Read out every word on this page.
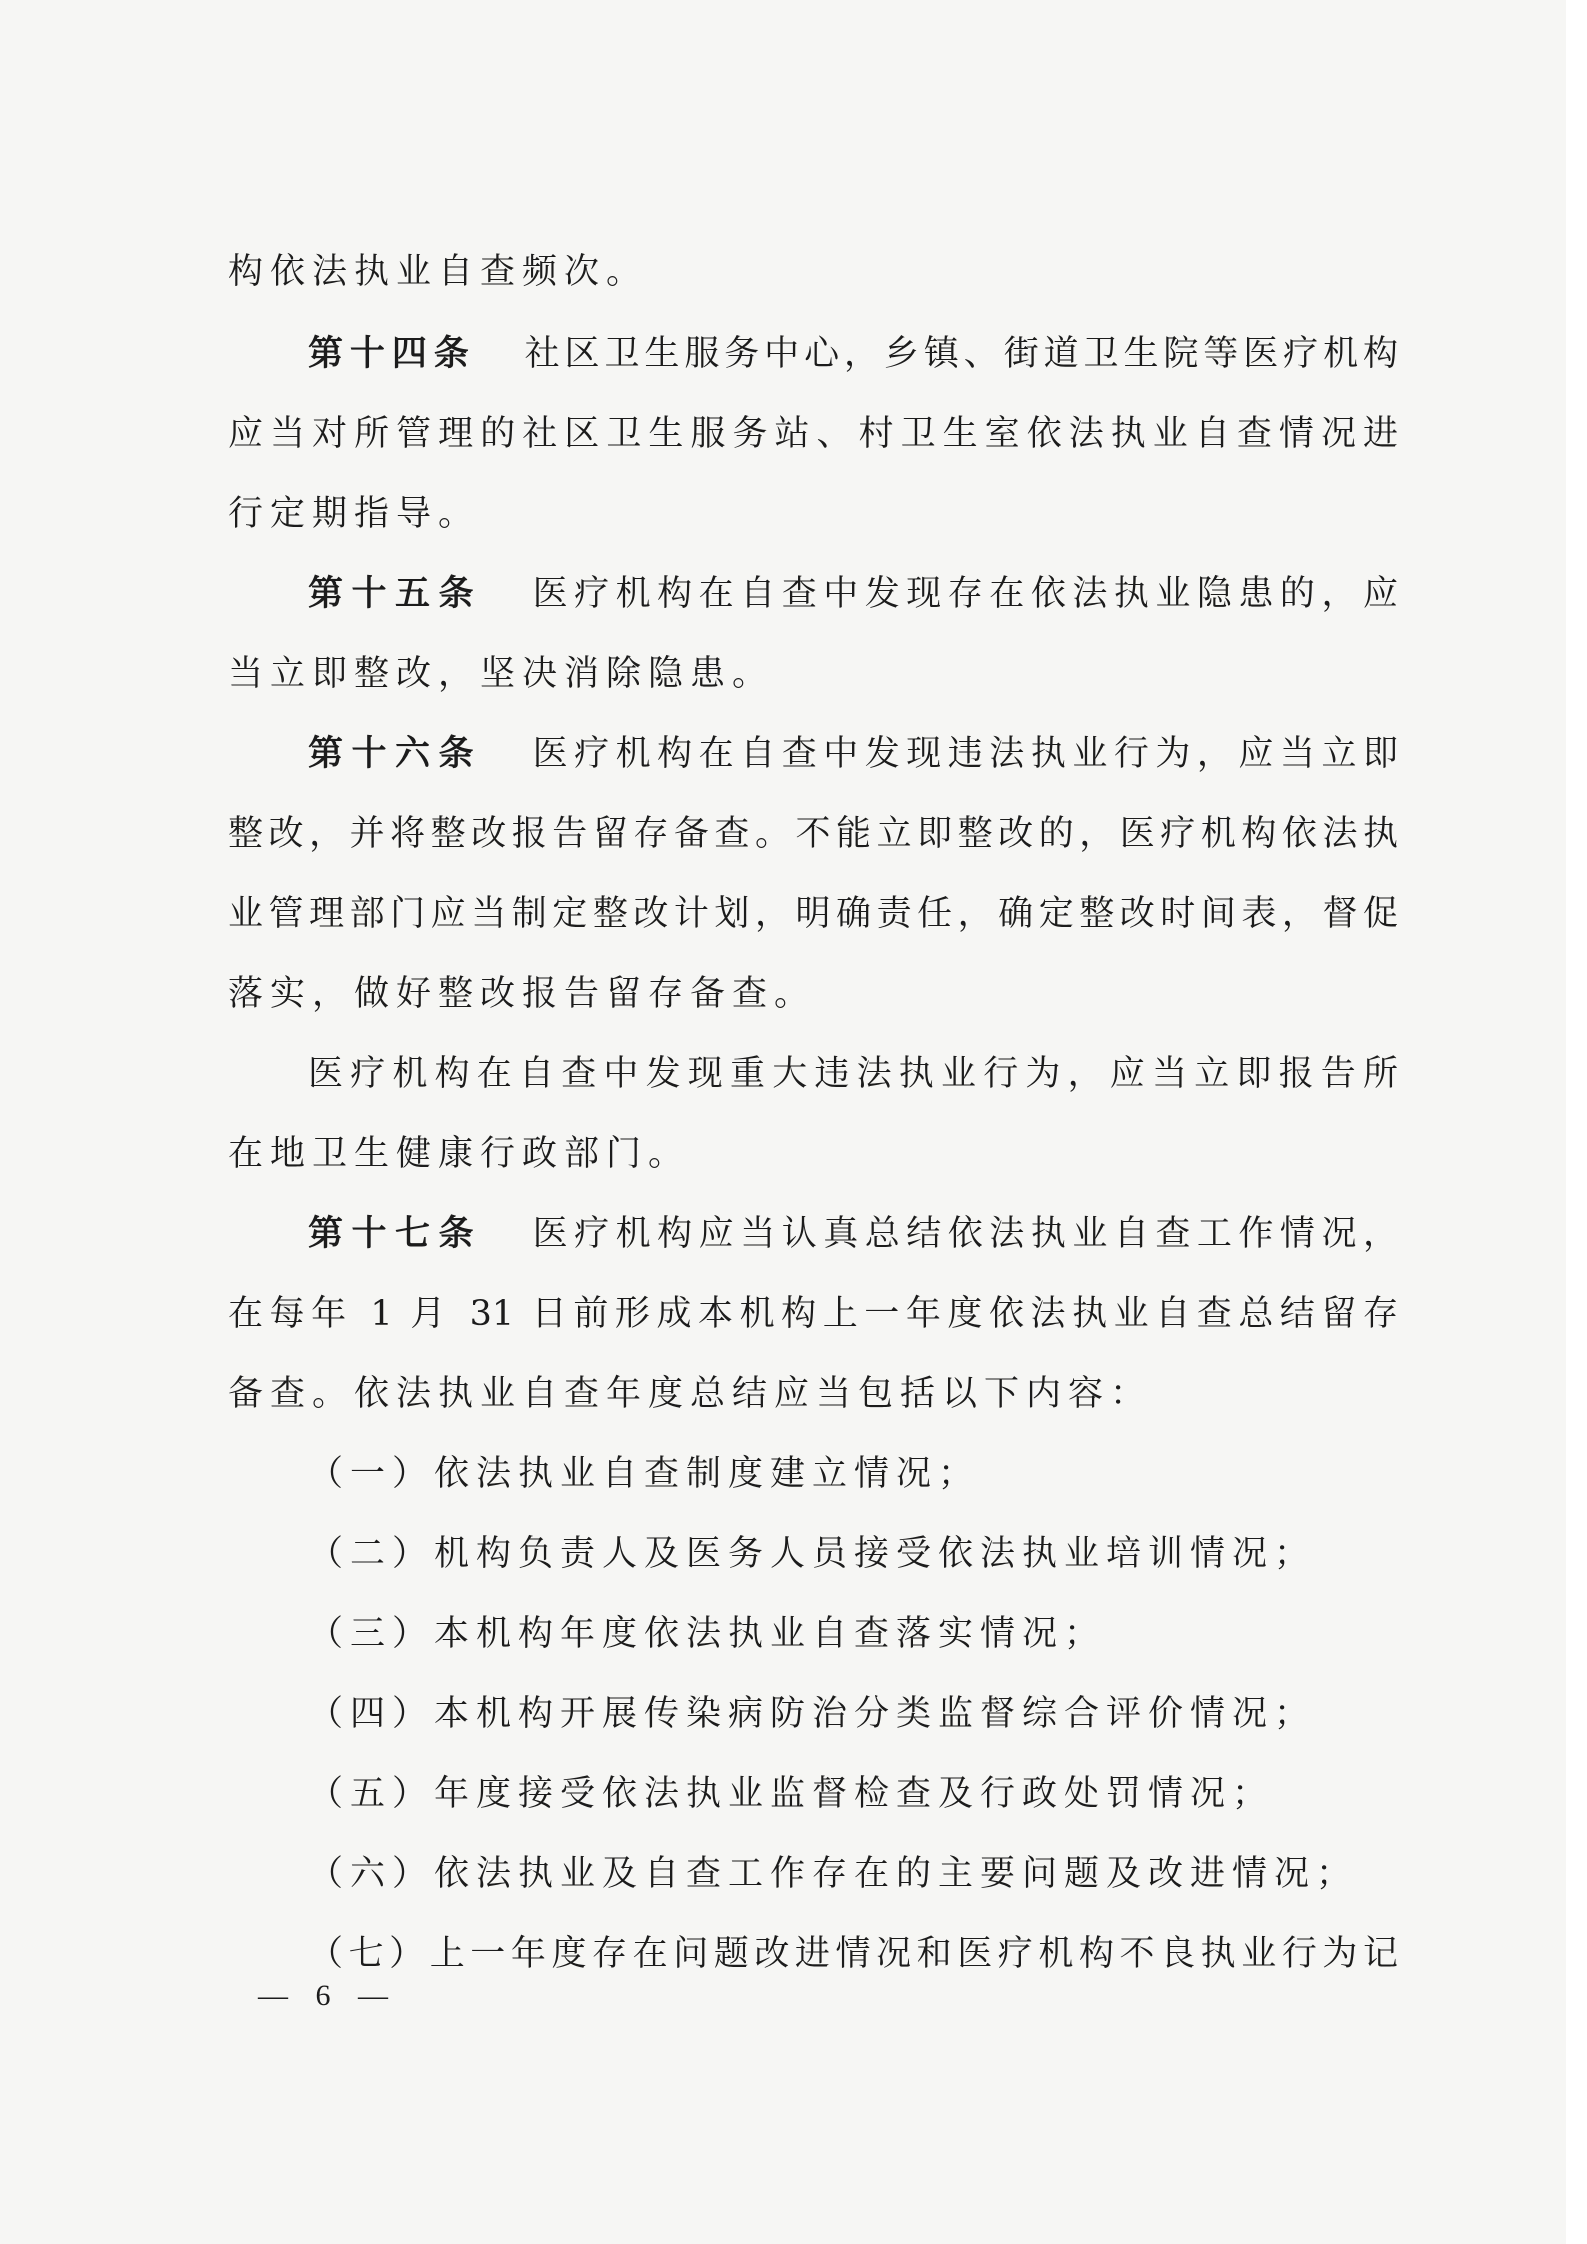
构依法执业自查频次。
第十四条 社区卫生服务中心，乡镇、街道卫生院等医疗机构
应当对所管理的社区卫生服务站、村卫生室依法执业自查情况进
行定期指导。
第十五条 医疗机构在自查中发现存在依法执业隐患的，应
当立即整改，坚决消除隐患。
第十六条 医疗机构在自查中发现违法执业行为，应当立即
整改，并将整改报告留存备查。不能立即整改的，医疗机构依法执
业管理部门应当制定整改计划，明确责任，确定整改时间表，督促
落实，做好整改报告留存备查。
医疗机构在自查中发现重大违法执业行为，应当立即报告所
在地卫生健康行政部门。
第十七条 医疗机构应当认真总结依法执业自查工作情况，
在每年 1 月 31 日前形成本机构上一年度依法执业自查总结留存
备查。依法执业自查年度总结应当包括以下内容：
（一）依法执业自查制度建立情况；
（二）机构负责人及医务人员接受依法执业培训情况；
（三）本机构年度依法执业自查落实情况；
（四）本机构开展传染病防治分类监督综合评价情况；
（五）年度接受依法执业监督检查及行政处罚情况；
（六）依法执业及自查工作存在的主要问题及改进情况；
（七）上一年度存在问题改进情况和医疗机构不良执业行为记
— 6 —
